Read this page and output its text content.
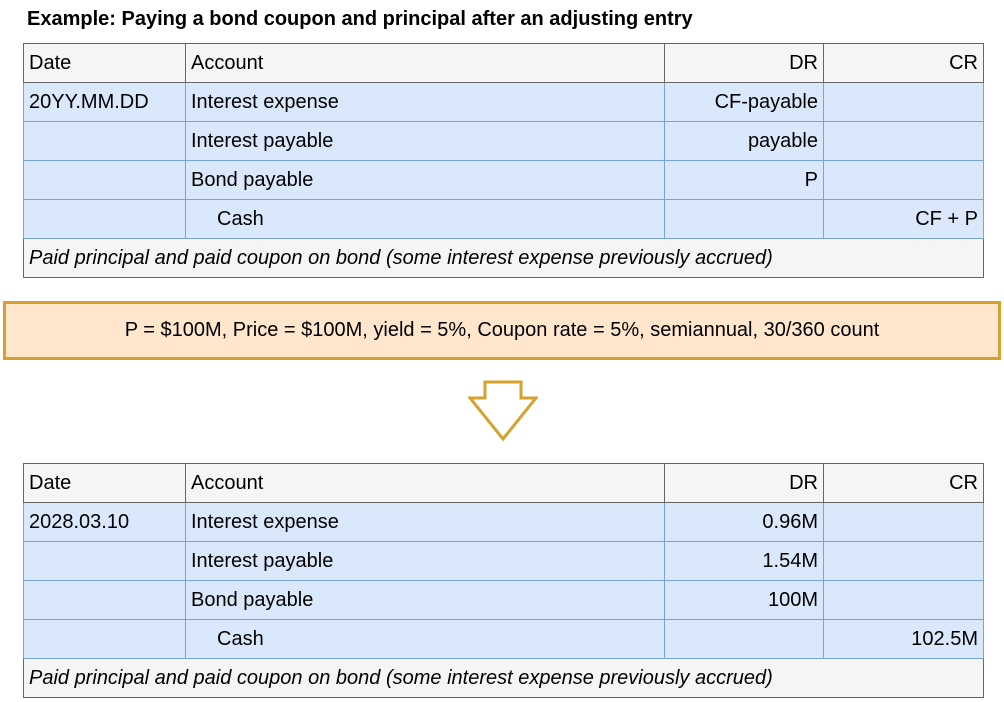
Example: Paying a bond coupon and principal after an adjusting entry
Date	Account	DR	CR
20YY.MM.DD	Interest expense	CF-payable	
	Interest payable	payable	
	Bond payable	P	
	Cash		CF + P
Paid principal and paid coupon on bond (some interest expense previously accrued)			
P = $100M, Price = $100M, yield = 5%, Coupon rate = 5%, semiannual, 30/360 count
Date	Account	DR	CR
2028.03.10	Interest expense	0.96M	
	Interest payable	1.54M	
	Bond payable	100M	
	Cash		102.5M
Paid principal and paid coupon on bond (some interest expense previously accrued)			
